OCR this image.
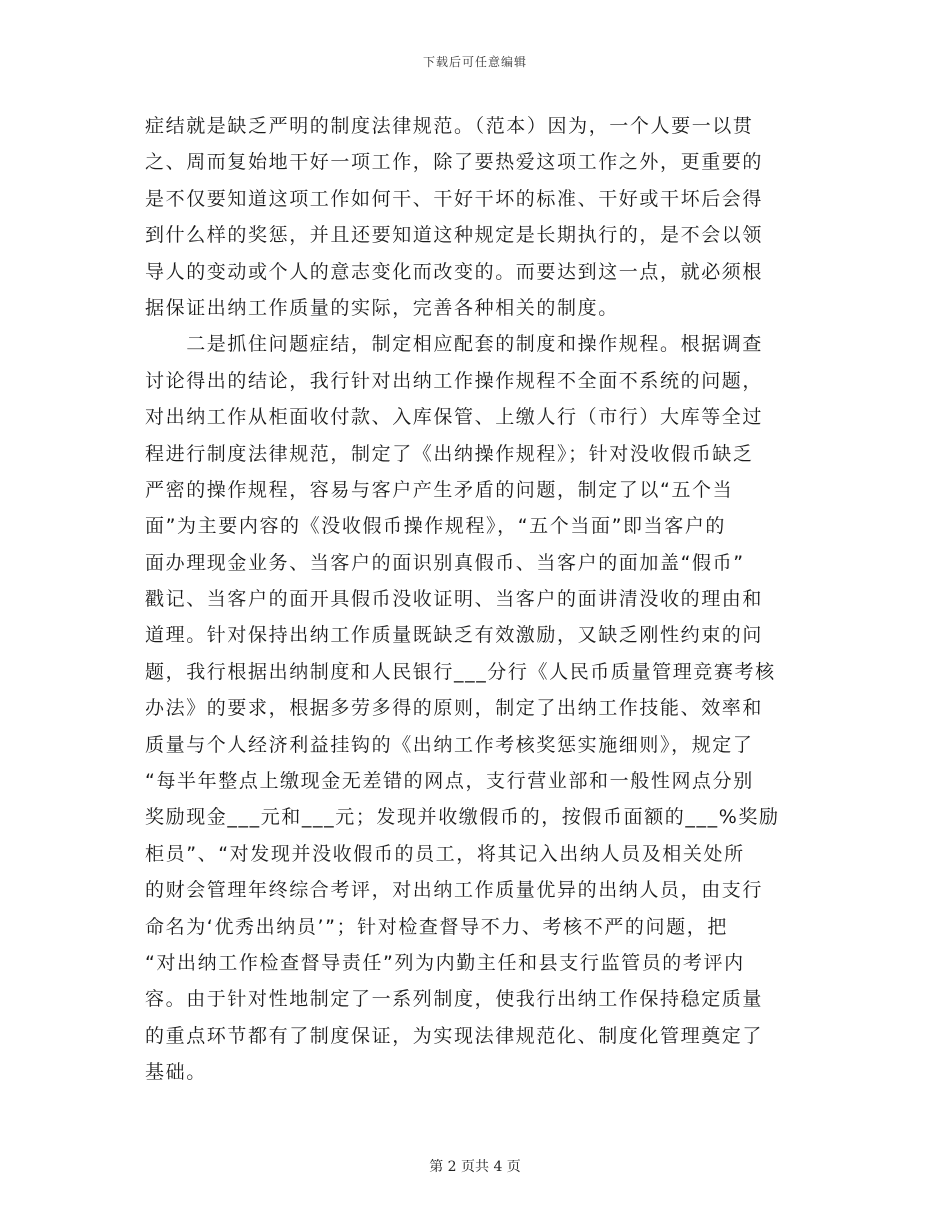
下载后可任意编辑
症结就是缺乏严明的制度法律规范。（范本）因为，一个人要一以贯
之、周而复始地干好一项工作，除了要热爱这项工作之外，更重要的
是不仅要知道这项工作如何干、干好干坏的标准、干好或干坏后会得
到什么样的奖惩，并且还要知道这种规定是长期执行的，是不会以领
导人的变动或个人的意志变化而改变的。而要达到这一点，就必须根
据保证出纳工作质量的实际，完善各种相关的制度。
　　二是抓住问题症结，制定相应配套的制度和操作规程。根据调查
讨论得出的结论，我行针对出纳工作操作规程不全面不系统的问题，
对出纳工作从柜面收付款、入库保管、上缴人行（市行）大库等全过
程进行制度法律规范，制定了《出纳操作规程》；针对没收假币缺乏
严密的操作规程，容易与客户产生矛盾的问题，制定了以“五个当
面”为主要内容的《没收假币操作规程》，“五个当面”即当客户的
面办理现金业务、当客户的面识别真假币、当客户的面加盖“假币”
戳记、当客户的面开具假币没收证明、当客户的面讲清没收的理由和
道理。针对保持出纳工作质量既缺乏有效激励，又缺乏刚性约束的问
题，我行根据出纳制度和人民银行___分行《人民币质量管理竞赛考核
办法》的要求，根据多劳多得的原则，制定了出纳工作技能、效率和
质量与个人经济利益挂钩的《出纳工作考核奖惩实施细则》，规定了
“每半年整点上缴现金无差错的网点，支行营业部和一般性网点分别
奖励现金___元和___元；发现并收缴假币的，按假币面额的___%奖励
柜员”、“对发现并没收假币的员工，将其记入出纳人员及相关处所
的财会管理年终综合考评，对出纳工作质量优异的出纳人员，由支行
命名为‘优秀出纳员’”；针对检查督导不力、考核不严的问题，把
“对出纳工作检查督导责任”列为内勤主任和县支行监管员的考评内
容。由于针对性地制定了一系列制度，使我行出纳工作保持稳定质量
的重点环节都有了制度保证，为实现法律规范化、制度化管理奠定了
基础。
第 2 页共 4 页
